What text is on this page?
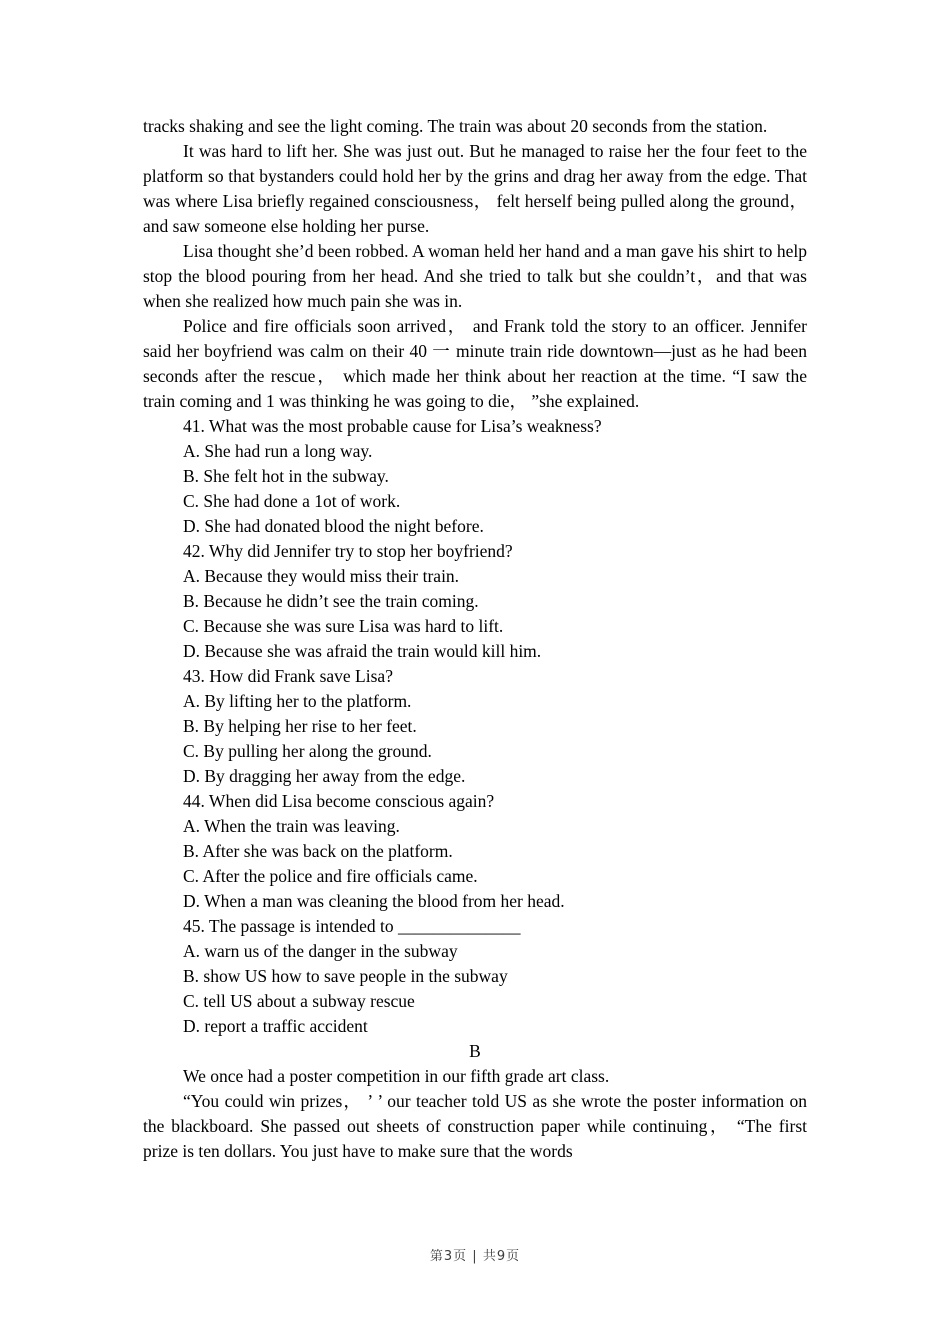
tracks shaking and see the light coming. The train was about 20 seconds from the station.

It was hard to lift her. She was just out. But he managed to raise her the four feet to the platform so that bystanders could hold her by the grins and drag her away from the edge. That was where Lisa briefly regained consciousness， felt herself being pulled along the ground，and saw someone else holding her purse.

Lisa thought she’d been robbed. A woman held her hand and a man gave his shirt to help stop the blood pouring from her head. And she tried to talk but she couldn’t，and that was when she realized how much pain she was in.

Police and fire officials soon arrived， and Frank told the story to an officer. Jennifer said her boyfriend was calm on their 40 一 minute train ride downtown—just as he had been seconds after the rescue， which made her think about her reaction at the time. “I saw the train coming and 1 was thinking he was going to die， ”she explained.

41. What was the most probable cause for Lisa’s weakness?

A. She had run a long way.

B. She felt hot in the subway.

C. She had done a 1ot of work.

D. She had donated blood the night before.

42. Why did Jennifer try to stop her boyfriend?

A. Because they would miss their train.

B. Because he didn’t see the train coming.

C. Because she was sure Lisa was hard to lift.

D. Because she was afraid the train would kill him.

43. How did Frank save Lisa?

A. By lifting her to the platform.

B. By helping her rise to her feet.

C. By pulling her along the ground.

D. By dragging her away from the edge.

44. When did Lisa become conscious again?

A. When the train was leaving.

B. After she was back on the platform.

C. After the police and fire officials came.

D. When a man was cleaning the blood from her head.

45. The passage is intended to ______________

A. warn us of the danger in the subway

B. show US how to save people in the subway

C. tell US about a subway rescue

D. report a traffic accident

B

We once had a poster competition in our fifth grade art class.

“You could win prizes， ’ ’ our teacher told US as she wrote the poster information on the blackboard. She passed out sheets of construction paper while continuing， “The first prize is ten dollars. You just have to make sure that the words

第3页 | 共9页
